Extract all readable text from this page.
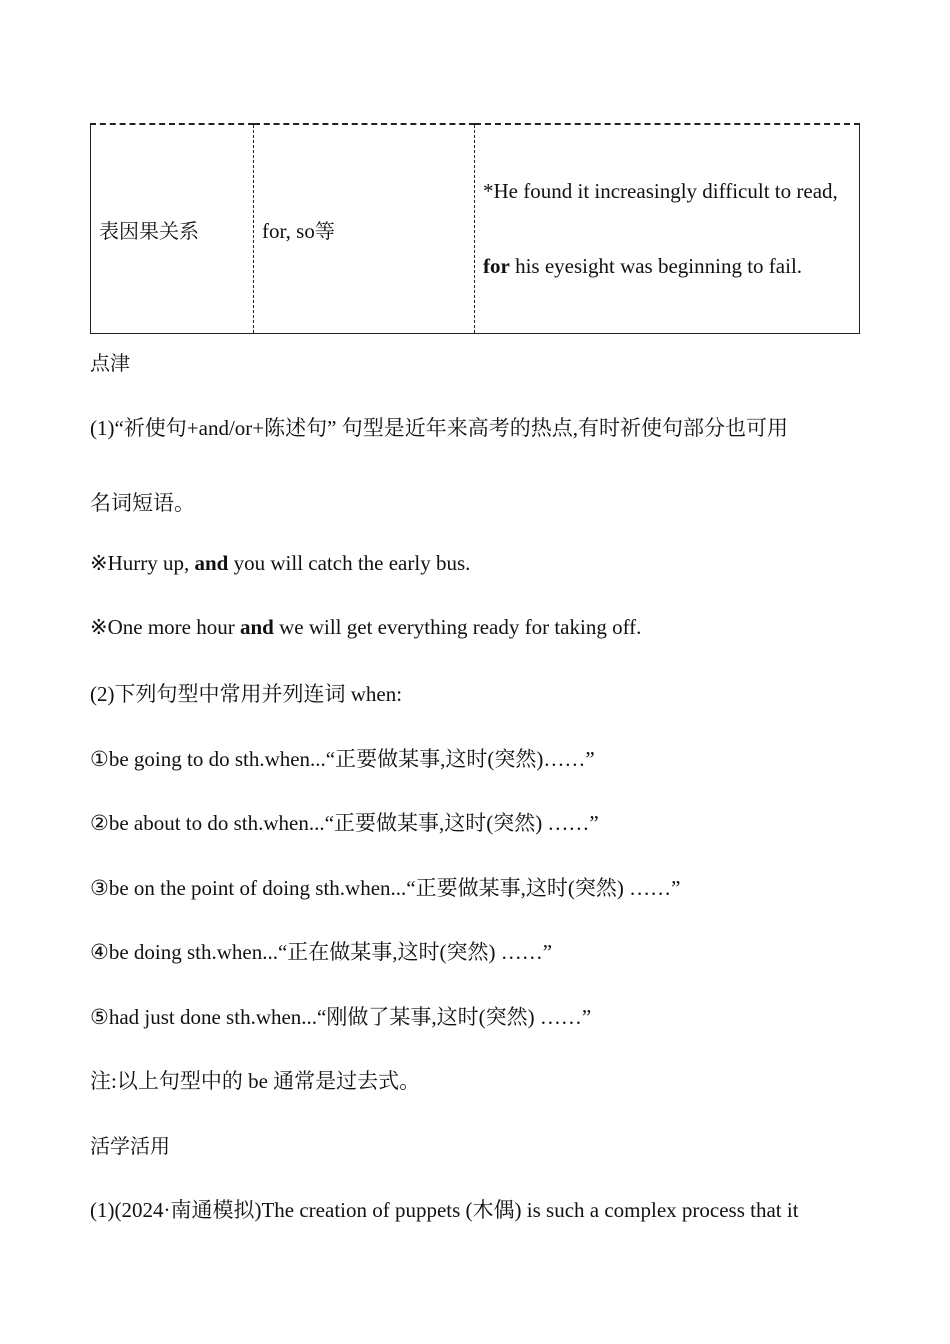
表因果关系	for, so等	*He found it increasingly difficult to read, for his eyesight was beginning to fail.
点津
(1)“祈使句+and/or+陈述句” 句型是近年来高考的热点,有时祈使句部分也可用
名词短语。
※Hurry up, and you will catch the early bus.
※One more hour and we will get everything ready for taking off.
(2)下列句型中常用并列连词 when:
①be going to do sth.when...“正要做某事,这时(突然)……”
②be about to do sth.when...“正要做某事,这时(突然) ……”
③be on the point of doing sth.when...“正要做某事,这时(突然) ……”
④be doing sth.when...“正在做某事,这时(突然) ……”
⑤had just done sth.when...“刚做了某事,这时(突然) ……”
注:以上句型中的 be 通常是过去式。
活学活用
(1)(2024·南通模拟)The creation of puppets (木偶) is such a complex process that it
